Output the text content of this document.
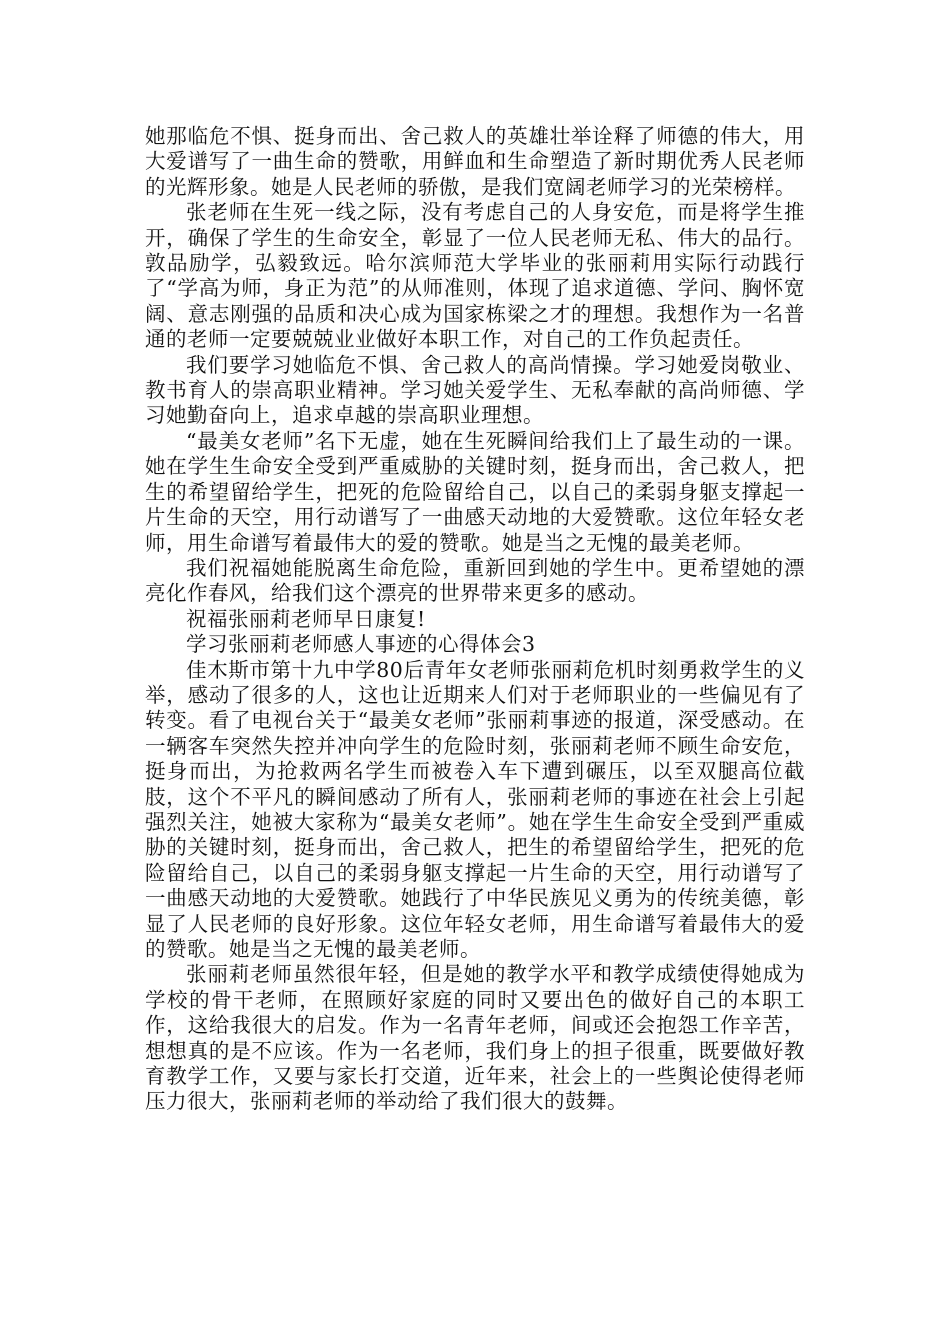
她那临危不惧、挺身而出、舍己救人的英雄壮举诠释了师德的伟大，用大爱谱写了一曲生命的赞歌，用鲜血和生命塑造了新时期优秀人民老师的光辉形象。她是人民老师的骄傲，是我们宽阔老师学习的光荣榜样。

张老师在生死一线之际，没有考虑自己的人身安危，而是将学生推开，确保了学生的生命安全，彰显了一位人民老师无私、伟大的品行。敦品励学，弘毅致远。哈尔滨师范大学毕业的张丽莉用实际行动践行了“学高为师，身正为范”的从师准则，体现了追求道德、学问、胸怀宽阔、意志刚强的品质和决心成为国家栋梁之才的理想。我想作为一名普通的老师一定要兢兢业业做好本职工作，对自己的工作负起责任。

我们要学习她临危不惧、舍己救人的高尚情操。学习她爱岗敬业、教书育人的崇高职业精神。学习她关爱学生、无私奉献的高尚师德、学习她勤奋向上，追求卓越的崇高职业理想。

“最美女老师”名下无虚，她在生死瞬间给我们上了最生动的一课。她在学生生命安全受到严重威胁的关键时刻，挺身而出，舍己救人，把生的希望留给学生，把死的危险留给自己，以自己的柔弱身躯支撑起一片生命的天空，用行动谱写了一曲感天动地的大爱赞歌。这位年轻女老师，用生命谱写着最伟大的爱的赞歌。她是当之无愧的最美老师。

我们祝福她能脱离生命危险，重新回到她的学生中。更希望她的漂亮化作春风，给我们这个漂亮的世界带来更多的感动。

祝福张丽莉老师早日康复!

学习张丽莉老师感人事迹的心得体会3

佳木斯市第十九中学80后青年女老师张丽莉危机时刻勇救学生的义举，感动了很多的人，这也让近期来人们对于老师职业的一些偏见有了转变。看了电视台关于“最美女老师”张丽莉事迹的报道，深受感动。在一辆客车突然失控并冲向学生的危险时刻，张丽莉老师不顾生命安危，挺身而出，为抢救两名学生而被卷入车下遭到碾压，以至双腿高位截肢，这个不平凡的瞬间感动了所有人，张丽莉老师的事迹在社会上引起强烈关注，她被大家称为“最美女老师”。她在学生生命安全受到严重威胁的关键时刻，挺身而出，舍己救人，把生的希望留给学生，把死的危险留给自己，以自己的柔弱身躯支撑起一片生命的天空，用行动谱写了一曲感天动地的大爱赞歌。她践行了中华民族见义勇为的传统美德，彰显了人民老师的良好形象。这位年轻女老师，用生命谱写着最伟大的爱的赞歌。她是当之无愧的最美老师。

张丽莉老师虽然很年轻，但是她的教学水平和教学成绩使得她成为学校的骨干老师，在照顾好家庭的同时又要出色的做好自己的本职工作，这给我很大的启发。作为一名青年老师，间或还会抱怨工作辛苦，想想真的是不应该。作为一名老师，我们身上的担子很重，既要做好教育教学工作，又要与家长打交道，近年来，社会上的一些舆论使得老师压力很大，张丽莉老师的举动给了我们很大的鼓舞。
